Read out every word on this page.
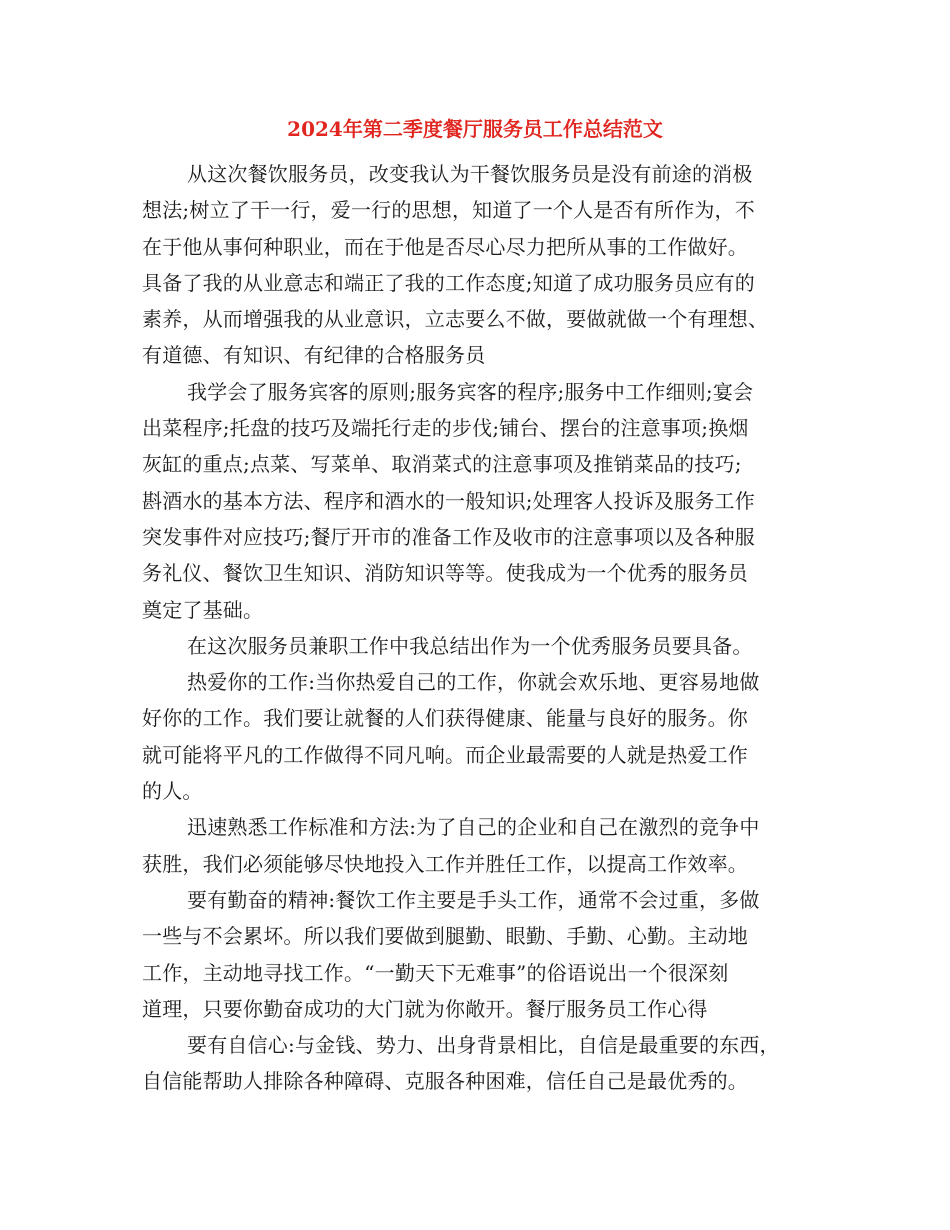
2024年第二季度餐厅服务员工作总结范文
从这次餐饮服务员，改变我认为干餐饮服务员是没有前途的消极
想法;树立了干一行，爱一行的思想，知道了一个人是否有所作为，不
在于他从事何种职业，而在于他是否尽心尽力把所从事的工作做好。
具备了我的从业意志和端正了我的工作态度;知道了成功服务员应有的
素养，从而增强我的从业意识，立志要么不做，要做就做一个有理想、
有道德、有知识、有纪律的合格服务员
我学会了服务宾客的原则;服务宾客的程序;服务中工作细则;宴会
出菜程序;托盘的技巧及端托行走的步伐;铺台、摆台的注意事项;换烟
灰缸的重点;点菜、写菜单、取消菜式的注意事项及推销菜品的技巧;
斟酒水的基本方法、程序和酒水的一般知识;处理客人投诉及服务工作
突发事件对应技巧;餐厅开市的准备工作及收市的注意事项以及各种服
务礼仪、餐饮卫生知识、消防知识等等。使我成为一个优秀的服务员
奠定了基础。
在这次服务员兼职工作中我总结出作为一个优秀服务员要具备。
热爱你的工作:当你热爱自己的工作，你就会欢乐地、更容易地做
好你的工作。我们要让就餐的人们获得健康、能量与良好的服务。你
就可能将平凡的工作做得不同凡响。而企业最需要的人就是热爱工作
的人。
迅速熟悉工作标准和方法:为了自己的企业和自己在激烈的竞争中
获胜，我们必须能够尽快地投入工作并胜任工作，以提高工作效率。
要有勤奋的精神:餐饮工作主要是手头工作，通常不会过重，多做
一些与不会累坏。所以我们要做到腿勤、眼勤、手勤、心勤。主动地
工作，主动地寻找工作。“一勤天下无难事”的俗语说出一个很深刻
道理，只要你勤奋成功的大门就为你敞开。餐厅服务员工作心得
要有自信心:与金钱、势力、出身背景相比，自信是最重要的东西，
自信能帮助人排除各种障碍、克服各种困难，信任自己是最优秀的。
